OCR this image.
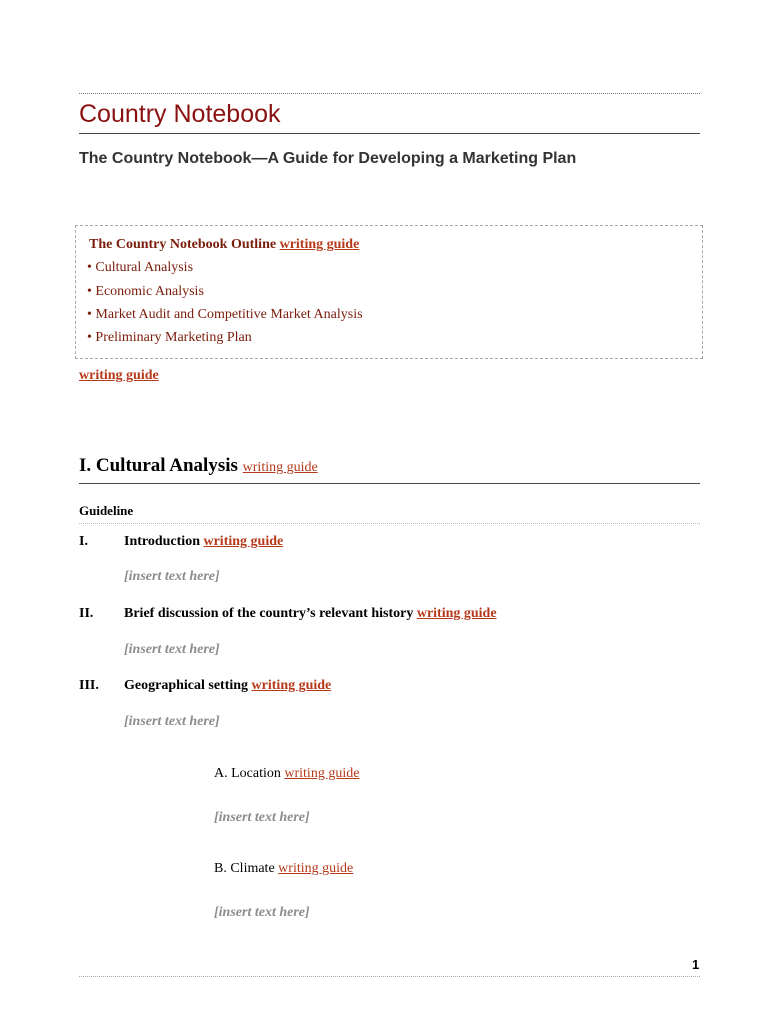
Country Notebook
The Country Notebook—A Guide for Developing a Marketing Plan
The Country Notebook Outline writing guide
• Cultural Analysis
• Economic Analysis
• Market Audit and Competitive Market Analysis
• Preliminary Marketing Plan
writing guide
I. Cultural Analysis writing guide
Guideline
I.	Introduction writing guide
[insert text here]
II. Brief discussion of the country’s relevant history writing guide
[insert text here]
III. Geographical setting writing guide
[insert text here]
A. Location writing guide
[insert text here]
B. Climate writing guide
[insert text here]
1
